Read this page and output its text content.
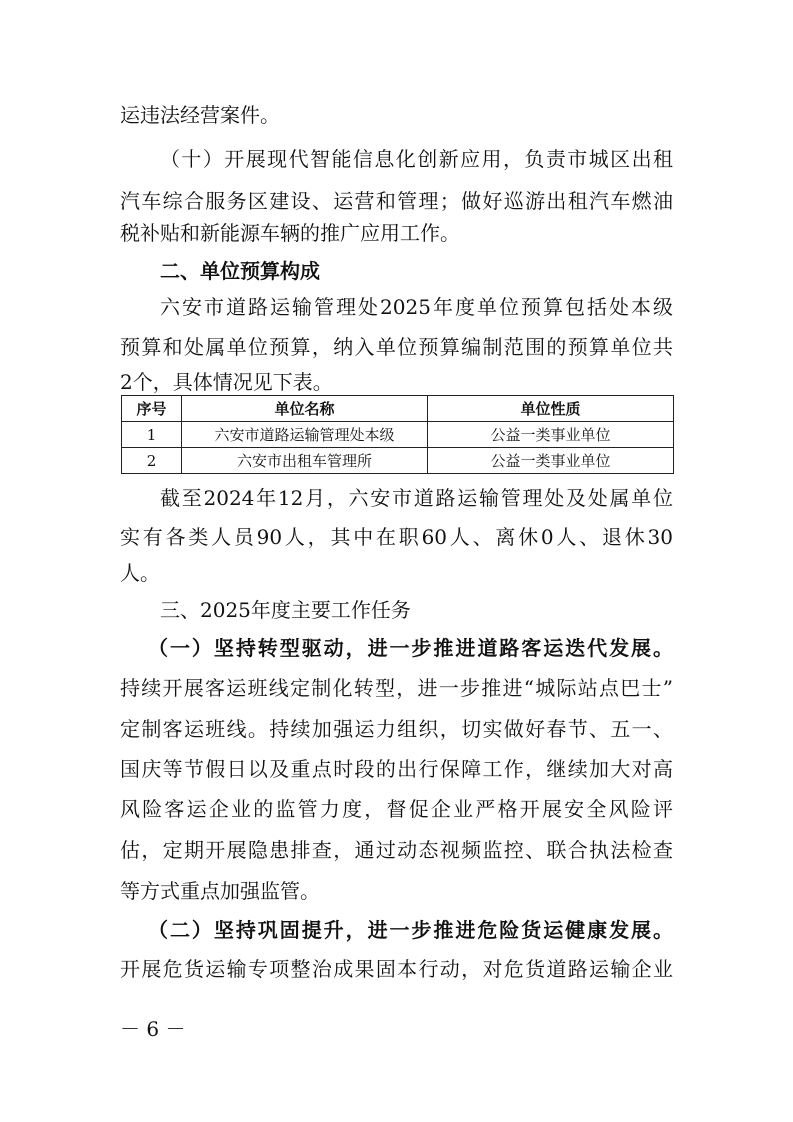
运违法经营案件。
（十）开展现代智能信息化创新应用，负责市城区出租
汽车综合服务区建设、运营和管理；做好巡游出租汽车燃油
税补贴和新能源车辆的推广应用工作。
二、单位预算构成
六安市道路运输管理处2025年度单位预算包括处本级
预算和处属单位预算，纳入单位预算编制范围的预算单位共
2个，具体情况见下表。
序号	单位名称	单位性质
1	六安市道路运输管理处本级	公益一类事业单位
2	六安市出租车管理所	公益一类事业单位
截至2024年12月，六安市道路运输管理处及处属单位
实有各类人员90人，其中在职60人、离休0人、退休30
人。
三、2025年度主要工作任务
（一）坚持转型驱动，进一步推进道路客运迭代发展。
持续开展客运班线定制化转型，进一步推进“城际站点巴士”
定制客运班线。持续加强运力组织，切实做好春节、五一、
国庆等节假日以及重点时段的出行保障工作，继续加大对高
风险客运企业的监管力度，督促企业严格开展安全风险评
估，定期开展隐患排查，通过动态视频监控、联合执法检查
等方式重点加强监管。
（二）坚持巩固提升，进一步推进危险货运健康发展。
开展危货运输专项整治成果固本行动，对危货道路运输企业
－ 6 －
